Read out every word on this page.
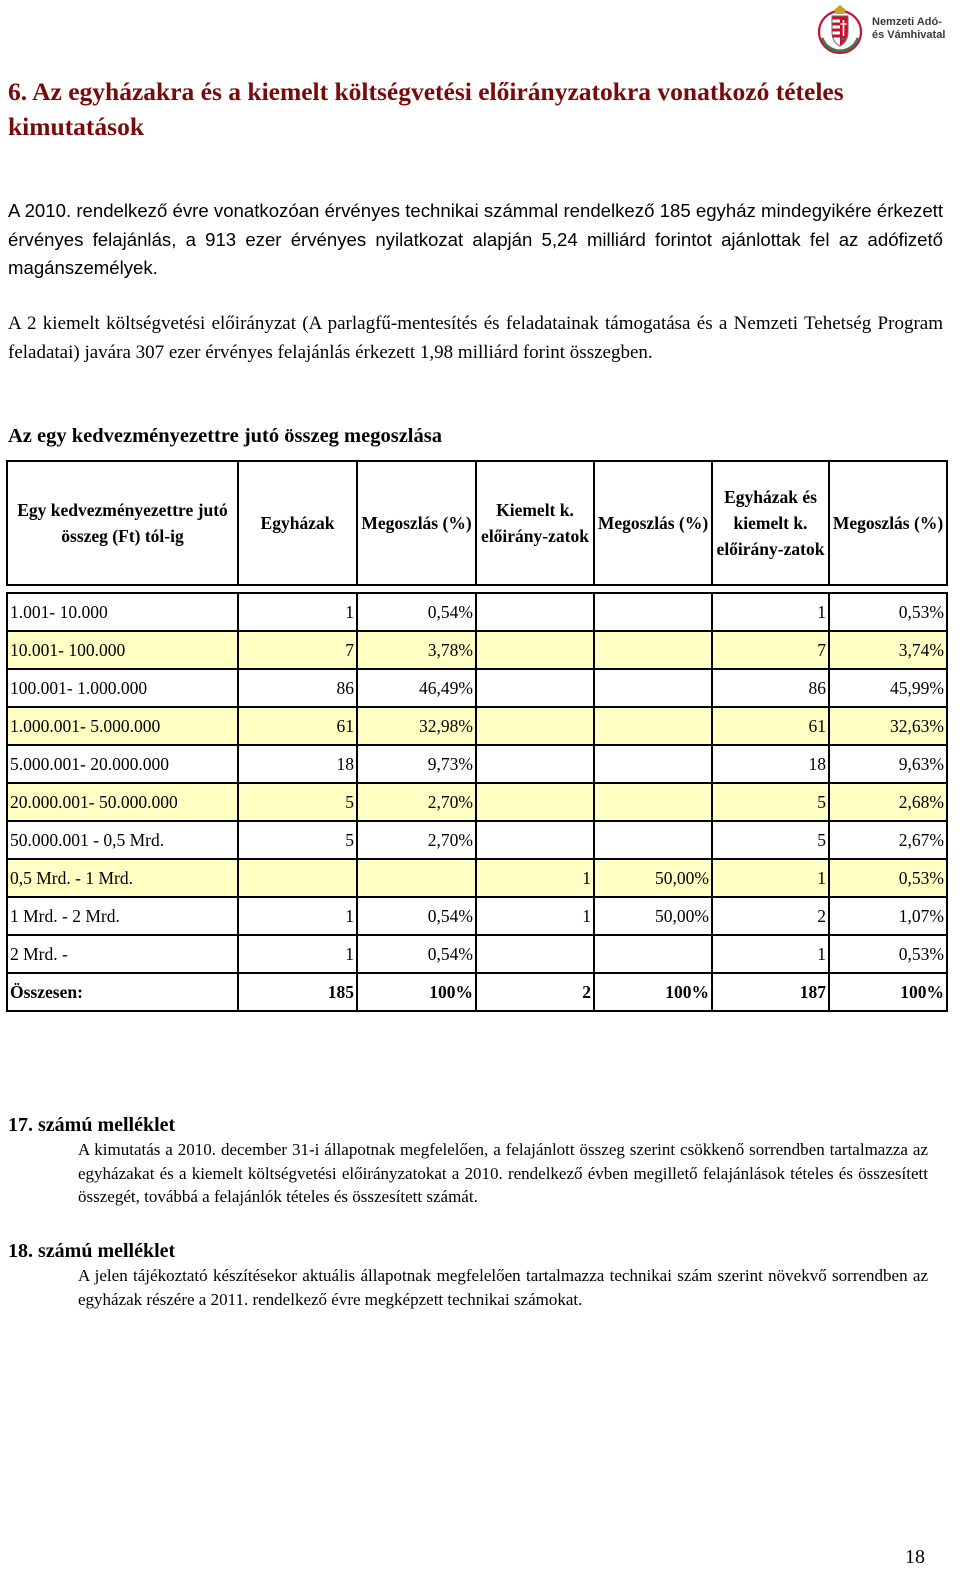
Nemzeti Adó-
és Vámhivatal
6. Az egyházakra és a kiemelt költségvetési előirányzatokra vonatkozó tételes kimutatások

A 2010. rendelkező évre vonatkozóan érvényes technikai számmal rendelkező 185 egyház mindegyikére érkezett érvényes felajánlás, a 913 ezer érvényes nyilatkozat alapján 5,24 milliárd forintot ajánlottak fel az adófizető magánszemélyek.

A 2 kiemelt költségvetési előirányzat (A parlagfű-mentesítés és feladatainak támogatása és a Nemzeti Tehetség Program feladatai) javára 307 ezer érvényes felajánlás érkezett 1,98 milliárd forint összegben.

Az egy kedvezményezettre jutó összeg megoszlása
Egy kedvezményezettre jutó összeg (Ft) tól-ig	Egyházak	Megoszlás (%)	Kiemelt k. előirány-zatok	Megoszlás (%)	Egyházak és kiemelt k. előirány-zatok	Megoszlás (%)

1.001- 10.000	1	0,54%			1	0,53%
10.001- 100.000	7	3,78%			7	3,74%
100.001- 1.000.000	86	46,49%			86	45,99%
1.000.001- 5.000.000	61	32,98%			61	32,63%
5.000.001- 20.000.000	18	9,73%			18	9,63%
20.000.001- 50.000.000	5	2,70%			5	2,68%
50.000.001 - 0,5 Mrd.	5	2,70%			5	2,67%
0,5 Mrd. - 1 Mrd.			1	50,00%	1	0,53%
1 Mrd. - 2 Mrd.	1	0,54%	1	50,00%	2	1,07%
2 Mrd. -	1	0,54%			1	0,53%
Összesen:	185	100%	2	100%	187	100%
17. számú melléklet

A kimutatás a 2010. december 31-i állapotnak megfelelően, a felajánlott összeg szerint csökkenő sorrendben tartalmazza az egyházakat és a kiemelt költségvetési előirányzatokat a 2010. rendelkező évben megillető felajánlások tételes és összesített összegét, továbbá a felajánlók tételes és összesített számát.

18. számú melléklet

A jelen tájékoztató készítésekor aktuális állapotnak megfelelően tartalmazza technikai szám szerint növekvő sorrendben az egyházak részére a 2011. rendelkező évre megképzett technikai számokat.

18
